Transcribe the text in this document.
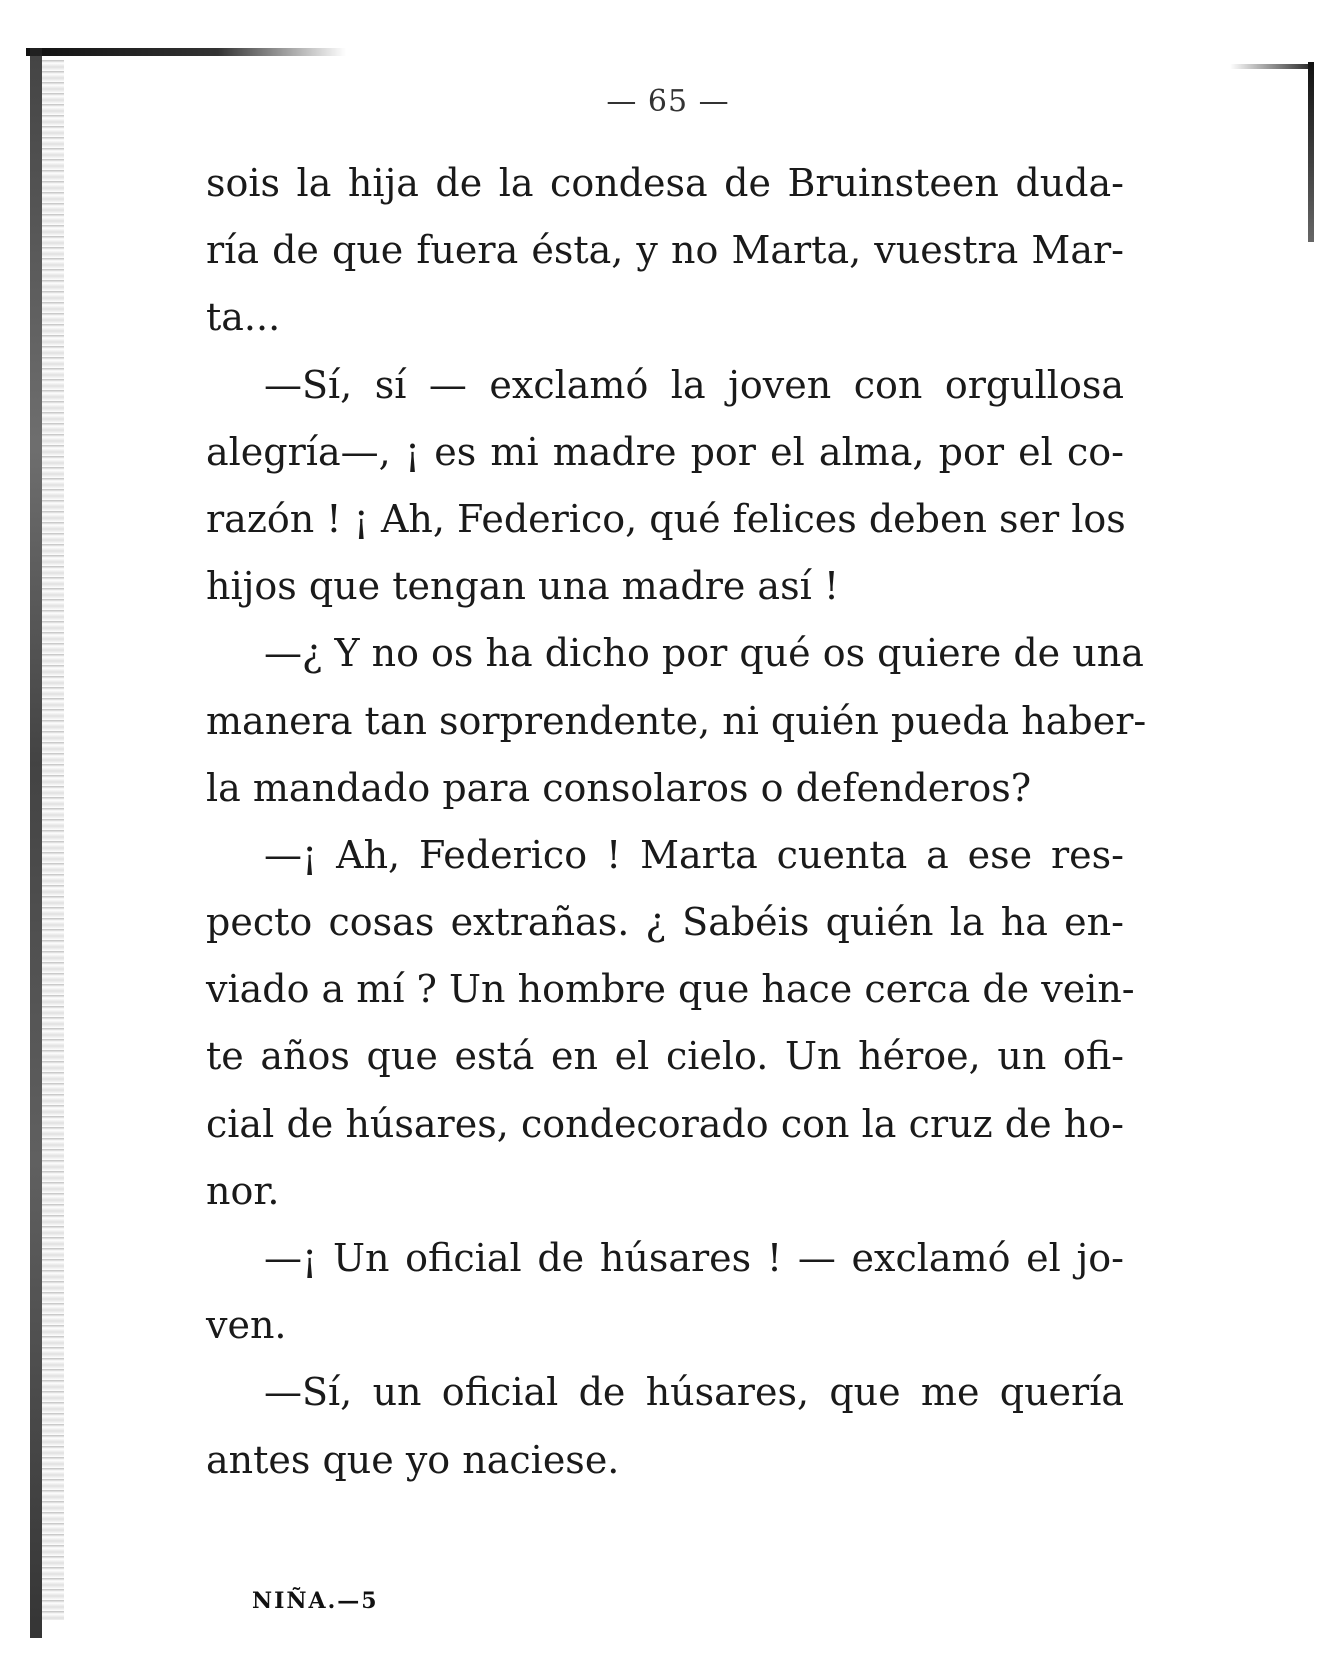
— 65 —
sois la hija de la condesa de Bruinsteen duda-
ría de que fuera ésta, y no Marta, vuestra Mar-
ta...
—Sí, sí — exclamó la joven con orgullosa
alegría—, ¡ es mi madre por el alma, por el co-
razón ! ¡ Ah, Federico, qué felices deben ser los
hijos que tengan una madre así !
—¿ Y no os ha dicho por qué os quiere de una
manera tan sorprendente, ni quién pueda haber-
la mandado para consolaros o defenderos?
—¡ Ah, Federico ! Marta cuenta a ese res-
pecto cosas extrañas. ¿ Sabéis quién la ha en-
viado a mí ? Un hombre que hace cerca de vein-
te años que está en el cielo. Un héroe, un ofi-
cial de húsares, condecorado con la cruz de ho-
nor.
—¡ Un oficial de húsares ! — exclamó el jo-
ven.
—Sí, un oficial de húsares, que me quería
antes que yo naciese.
NIÑA.—5
